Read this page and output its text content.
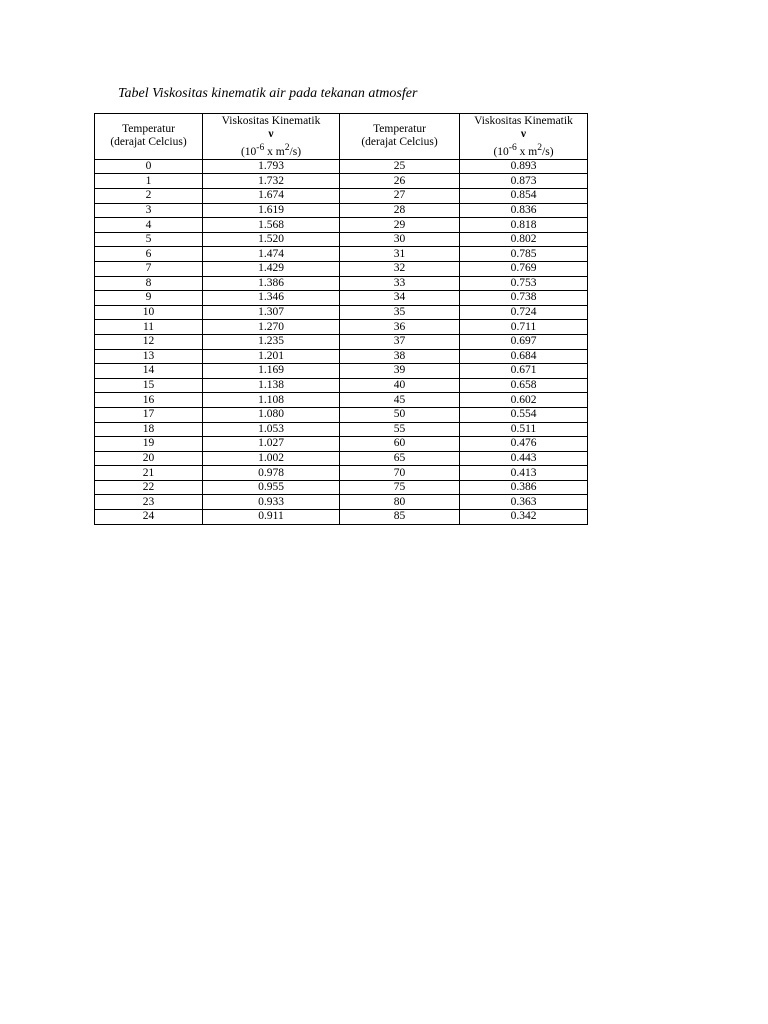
Tabel Viskositas kinematik air pada tekanan atmosfer
Temperatur
(derajat Celcius)	Viskositas Kinematik
ν
($10^{-6}$ x $m^2/s$)	Temperatur
(derajat Celcius)	Viskositas Kinematik
ν
($10^{-6}$ x $m^2/s$)

0	1.793	25	0.893
1	1.732	26	0.873
2	1.674	27	0.854
3	1.619	28	0.836
4	1.568	29	0.818
5	1.520	30	0.802
6	1.474	31	0.785
7	1.429	32	0.769
8	1.386	33	0.753
9	1.346	34	0.738
10	1.307	35	0.724
11	1.270	36	0.711
12	1.235	37	0.697
13	1.201	38	0.684
14	1.169	39	0.671
15	1.138	40	0.658
16	1.108	45	0.602
17	1.080	50	0.554
18	1.053	55	0.511
19	1.027	60	0.476
20	1.002	65	0.443
21	0.978	70	0.413
22	0.955	75	0.386
23	0.933	80	0.363
24	0.911	85	0.342
